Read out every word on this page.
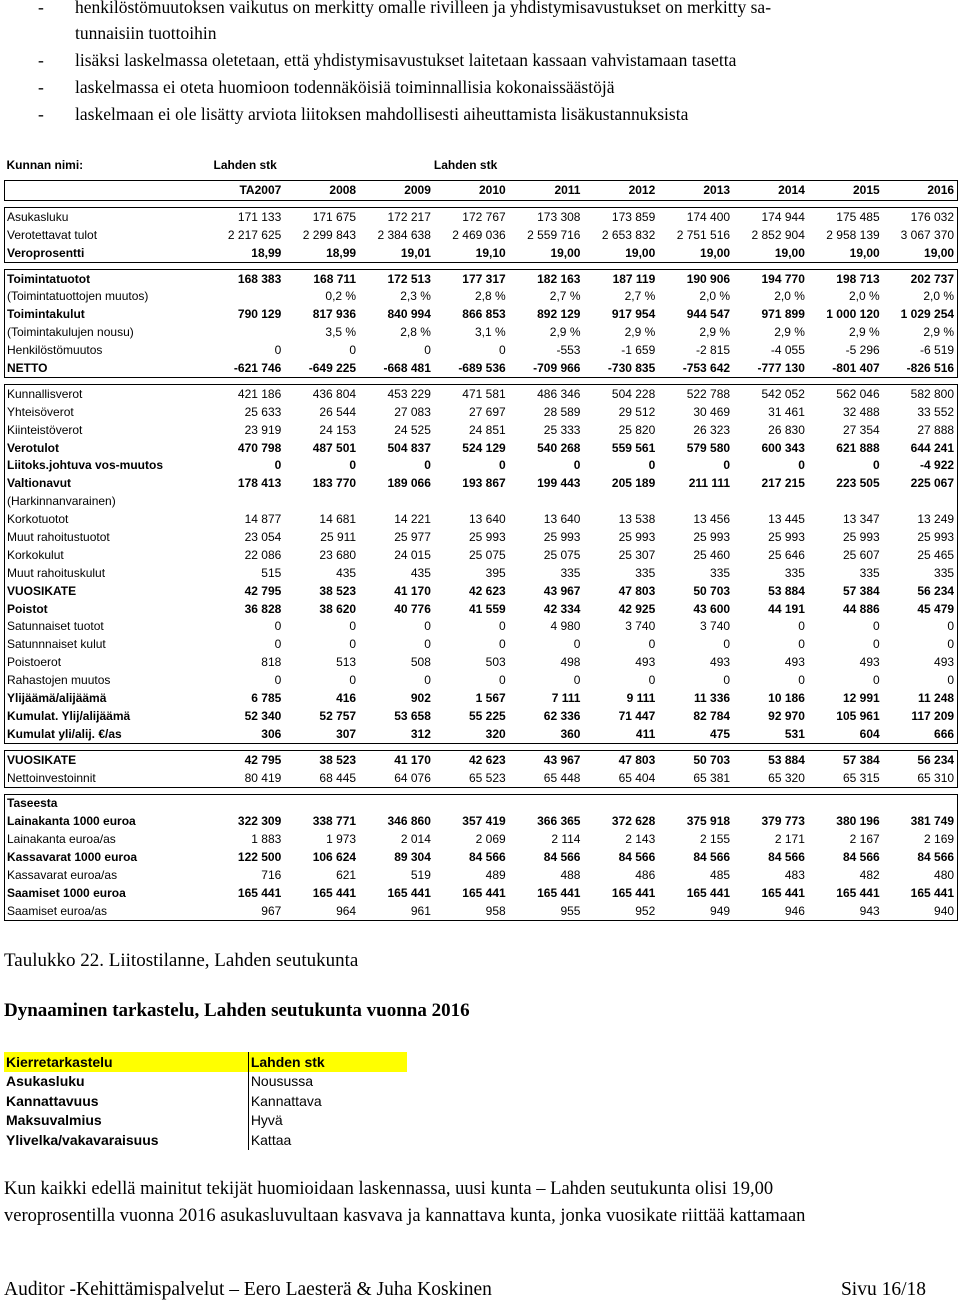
- henkilöstömuutoksen vaikutus on merkitty omalle rivilleen ja yhdistymisavustukset on merkitty sa-
tunnaisiin tuottoihin
- lisäksi laskelmassa oletetaan, että yhdistymisavustukset laitetaan kassaan vahvistamaan tasetta
- laskelmassa ei oteta huomioon todennäköisiä toiminnallisia kokonaissäästöjä
- laskelmaan ei ole lisätty arviota liitoksen mahdollisesti aiheuttamista lisäkustannuksista
Kunnan nimi:	Lahden stk			Lahden stk						

	TA2007	2008	2009	2010	2011	2012	2013	2014	2015	2016

Asukasluku	171 133	171 675	172 217	172 767	173 308	173 859	174 400	174 944	175 485	176 032
Verotettavat tulot	2 217 625	2 299 843	2 384 638	2 469 036	2 559 716	2 653 832	2 751 516	2 852 904	2 958 139	3 067 370
Veroprosentti	18,99	18,99	19,01	19,10	19,00	19,00	19,00	19,00	19,00	19,00

Toimintatuotot	168 383	168 711	172 513	177 317	182 163	187 119	190 906	194 770	198 713	202 737
(Toimintatuottojen muutos)		0,2 %	2,3 %	2,8 %	2,7 %	2,7 %	2,0 %	2,0 %	2,0 %	2,0 %
Toimintakulut	790 129	817 936	840 994	866 853	892 129	917 954	944 547	971 899	1 000 120	1 029 254
(Toimintakulujen nousu)		3,5 %	2,8 %	3,1 %	2,9 %	2,9 %	2,9 %	2,9 %	2,9 %	2,9 %
Henkilöstömuutos	0	0	0	0	-553	-1 659	-2 815	-4 055	-5 296	-6 519
NETTO	-621 746	-649 225	-668 481	-689 536	-709 966	-730 835	-753 642	-777 130	-801 407	-826 516

Kunnallisverot	421 186	436 804	453 229	471 581	486 346	504 228	522 788	542 052	562 046	582 800
Yhteisöverot	25 633	26 544	27 083	27 697	28 589	29 512	30 469	31 461	32 488	33 552
Kiinteistöverot	23 919	24 153	24 525	24 851	25 333	25 820	26 323	26 830	27 354	27 888
Verotulot	470 798	487 501	504 837	524 129	540 268	559 561	579 580	600 343	621 888	644 241
Liitoks.johtuva vos-muutos	0	0	0	0	0	0	0	0	0	-4 922
Valtionavut	178 413	183 770	189 066	193 867	199 443	205 189	211 111	217 215	223 505	225 067
(Harkinnanvarainen)										
Korkotuotot	14 877	14 681	14 221	13 640	13 640	13 538	13 456	13 445	13 347	13 249
Muut rahoitustuotot	23 054	25 911	25 977	25 993	25 993	25 993	25 993	25 993	25 993	25 993
Korkokulut	22 086	23 680	24 015	25 075	25 075	25 307	25 460	25 646	25 607	25 465
Muut rahoituskulut	515	435	435	395	335	335	335	335	335	335
VUOSIKATE	42 795	38 523	41 170	42 623	43 967	47 803	50 703	53 884	57 384	56 234
Poistot	36 828	38 620	40 776	41 559	42 334	42 925	43 600	44 191	44 886	45 479
Satunnaiset tuotot	0	0	0	0	4 980	3 740	3 740	0	0	0
Satunnnaiset kulut	0	0	0	0	0	0	0	0	0	0
Poistoerot	818	513	508	503	498	493	493	493	493	493
Rahastojen muutos	0	0	0	0	0	0	0	0	0	0
Ylijäämä/alijäämä	6 785	416	902	1 567	7 111	9 111	11 336	10 186	12 991	11 248
Kumulat. Ylij/alijäämä	52 340	52 757	53 658	55 225	62 336	71 447	82 784	92 970	105 961	117 209
Kumulat yli/alij. €/as	306	307	312	320	360	411	475	531	604	666

VUOSIKATE	42 795	38 523	41 170	42 623	43 967	47 803	50 703	53 884	57 384	56 234
Nettoinvestoinnit	80 419	68 445	64 076	65 523	65 448	65 404	65 381	65 320	65 315	65 310

Taseesta										
Lainakanta 1000 euroa	322 309	338 771	346 860	357 419	366 365	372 628	375 918	379 773	380 196	381 749
Lainakanta euroa/as	1 883	1 973	2 014	2 069	2 114	2 143	2 155	2 171	2 167	2 169
Kassavarat 1000 euroa	122 500	106 624	89 304	84 566	84 566	84 566	84 566	84 566	84 566	84 566
Kassavarat euroa/as	716	621	519	489	488	486	485	483	482	480
Saamiset 1000 euroa	165 441	165 441	165 441	165 441	165 441	165 441	165 441	165 441	165 441	165 441
Saamiset euroa/as	967	964	961	958	955	952	949	946	943	940
Taulukko 22. Liitostilanne, Lahden seutukunta
Dynaaminen tarkastelu, Lahden seutukunta vuonna 2016
Kierretarkastelu	Lahden stk
Asukasluku	Nousussa
Kannattavuus	Kannattava
Maksuvalmius	Hyvä
Ylivelka/vakavaraisuus	Kattaa
Kun kaikki edellä mainitut tekijät huomioidaan laskennassa, uusi kunta – Lahden seutukunta olisi 19,00
veroprosentilla vuonna 2016 asukasluvultaan kasvava ja kannattava kunta, jonka vuosikate riittää kattamaan
Auditor -Kehittämispalvelut – Eero Laesterä & Juha Koskinen	Sivu 16/18
